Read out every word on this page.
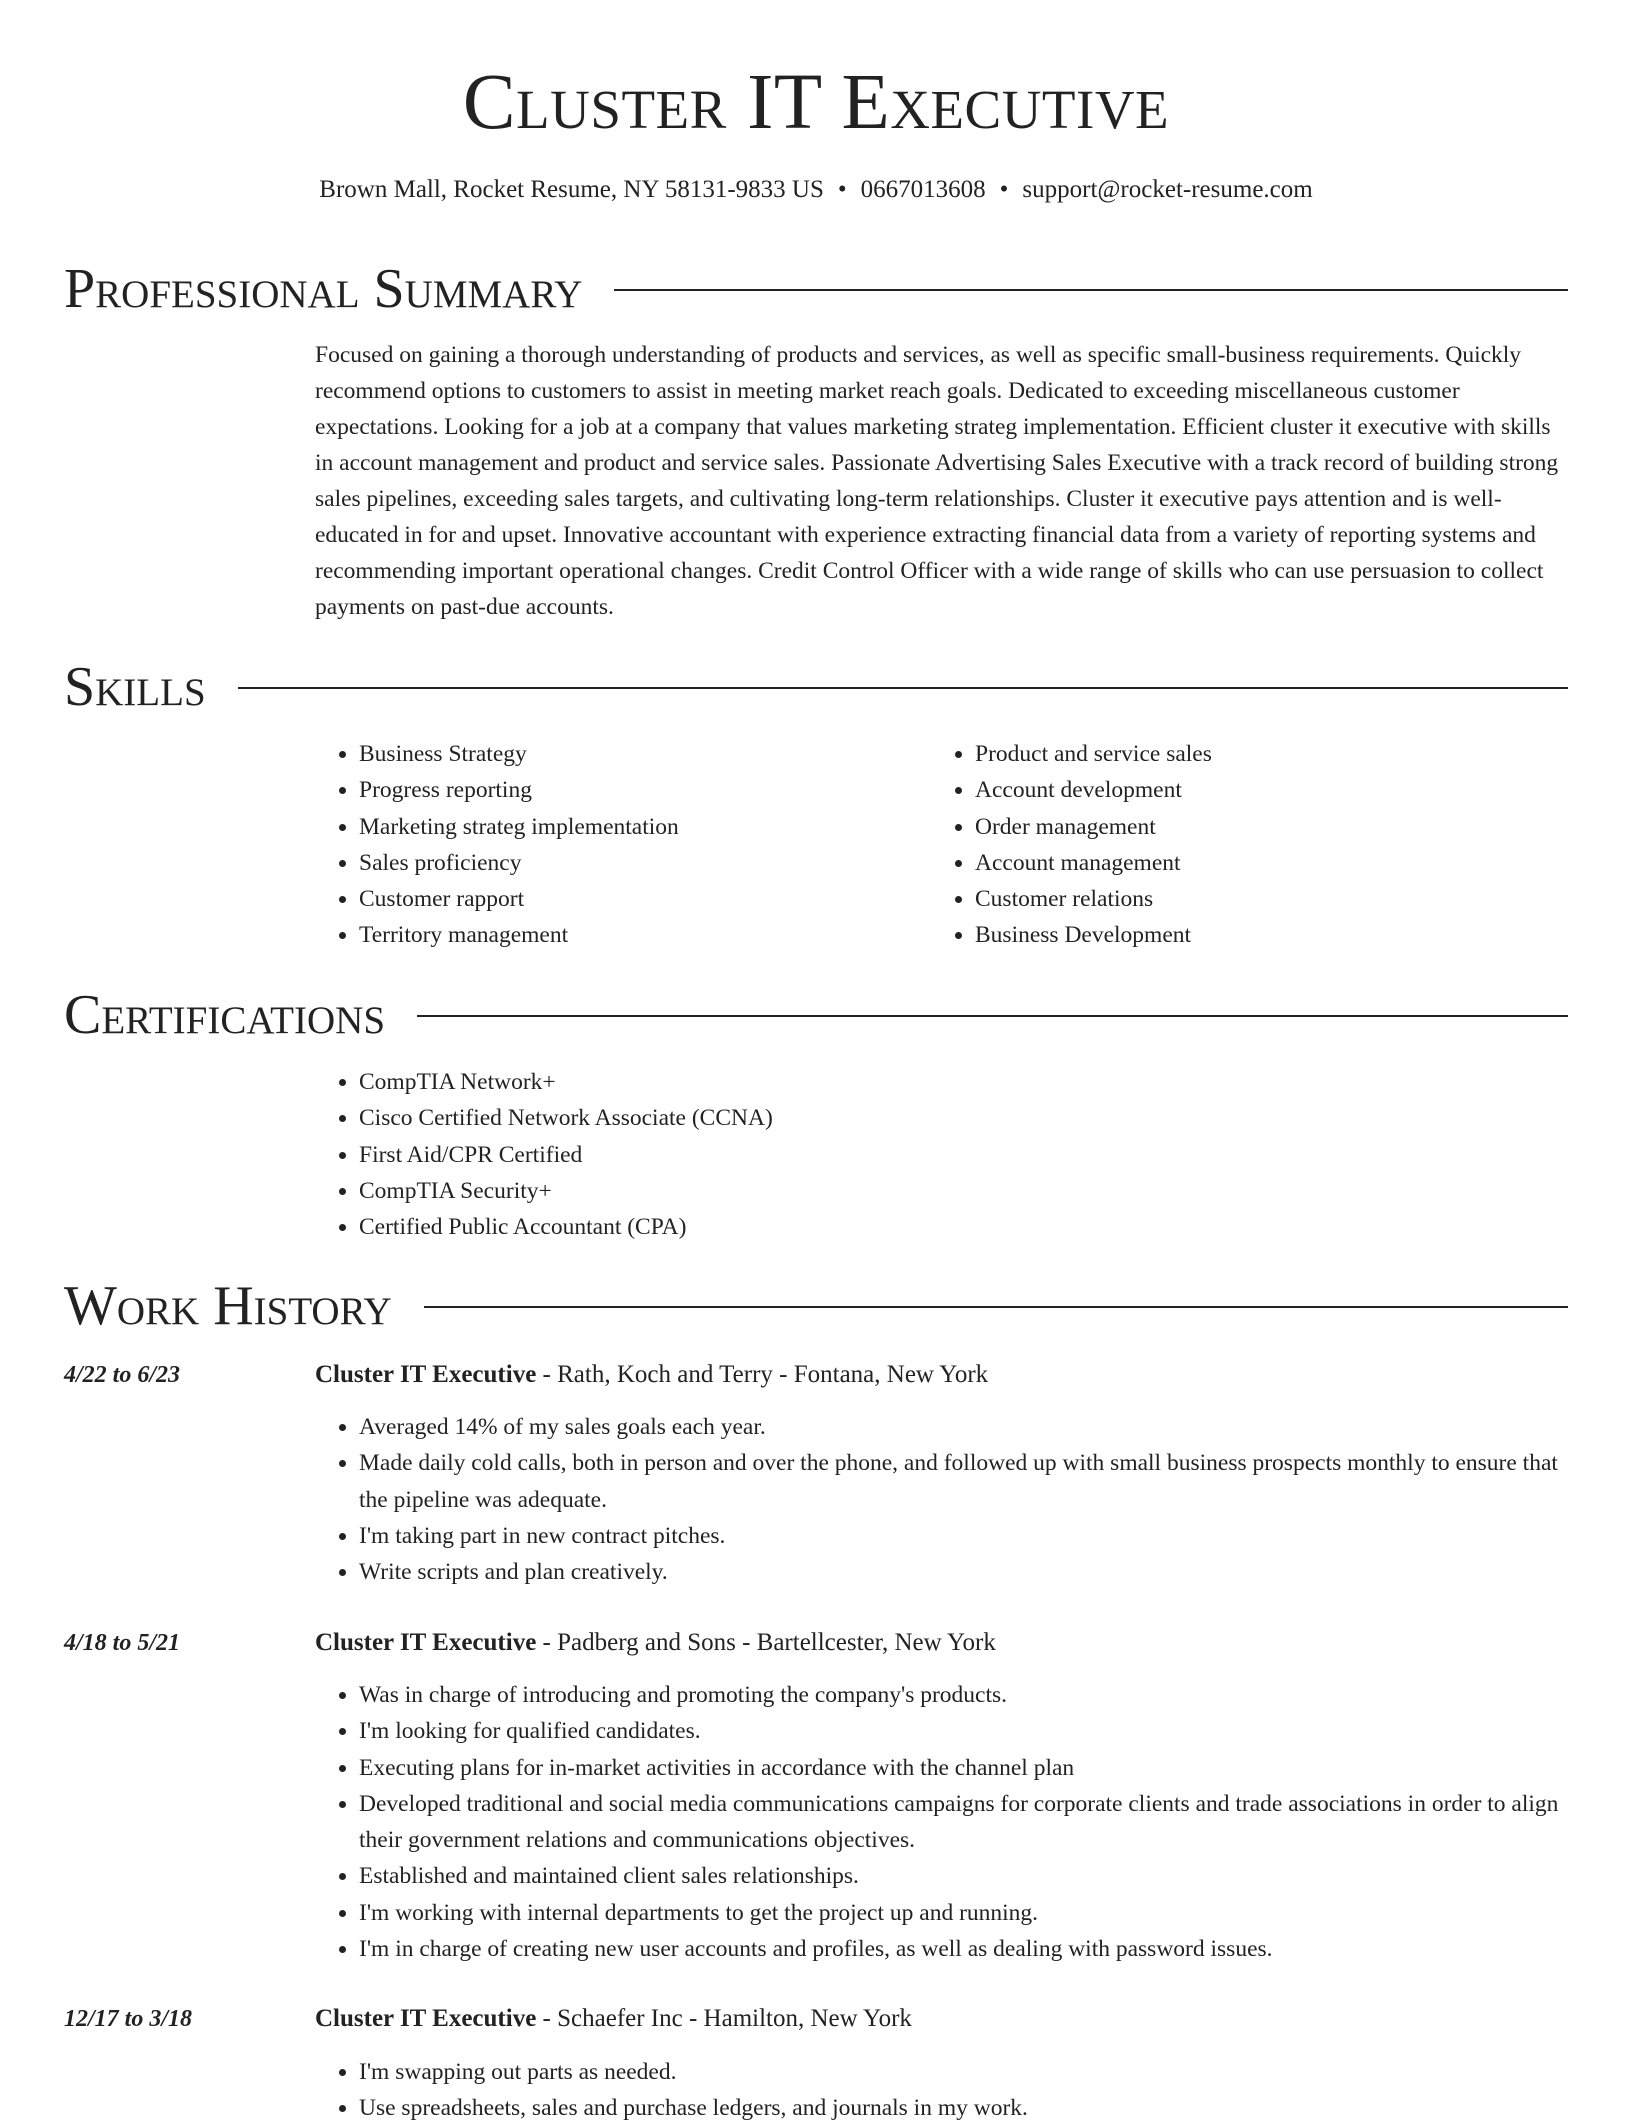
Cluster IT Executive
Brown Mall, Rocket Resume, NY 58131-9833 US • 0667013608 • support@rocket-resume.com
Professional Summary

Focused on gaining a thorough understanding of products and services, as well as specific small-business requirements. Quickly recommend options to customers to assist in meeting market reach goals. Dedicated to exceeding miscellaneous customer expectations. Looking for a job at a company that values marketing strateg implementation. Efficient cluster it executive with skills in account management and product and service sales. Passionate Advertising Sales Executive with a track record of building strong sales pipelines, exceeding sales targets, and cultivating long-term relationships. Cluster it executive pays attention and is well-educated in for and upset. Innovative accountant with experience extracting financial data from a variety of reporting systems and recommending important operational changes. Credit Control Officer with a wide range of skills who can use persuasion to collect payments on past-due accounts.

Skills
• Business Strategy
• Progress reporting
• Marketing strateg implementation
• Sales proficiency
• Customer rapport
• Territory management
• Product and service sales
• Account development
• Order management
• Account management
• Customer relations
• Business Development
Certifications
• CompTIA Network+
• Cisco Certified Network Associate (CCNA)
• First Aid/CPR Certified
• CompTIA Security+
• Certified Public Accountant (CPA)
Work History
4/22 to 6/23	Cluster IT Executive - Rath, Koch and Terry - Fontana, New York
• Averaged 14% of my sales goals each year.
• Made daily cold calls, both in person and over the phone, and followed up with small business prospects monthly to ensure that the pipeline was adequate.
• I'm taking part in new contract pitches.
• Write scripts and plan creatively.
4/18 to 5/21	Cluster IT Executive - Padberg and Sons - Bartellcester, New York
• Was in charge of introducing and promoting the company's products.
• I'm looking for qualified candidates.
• Executing plans for in-market activities in accordance with the channel plan
• Developed traditional and social media communications campaigns for corporate clients and trade associations in order to align their government relations and communications objectives.
• Established and maintained client sales relationships.
• I'm working with internal departments to get the project up and running.
• I'm in charge of creating new user accounts and profiles, as well as dealing with password issues.
12/17 to 3/18	Cluster IT Executive - Schaefer Inc - Hamilton, New York
• I'm swapping out parts as needed.
• Use spreadsheets, sales and purchase ledgers, and journals in my work.
